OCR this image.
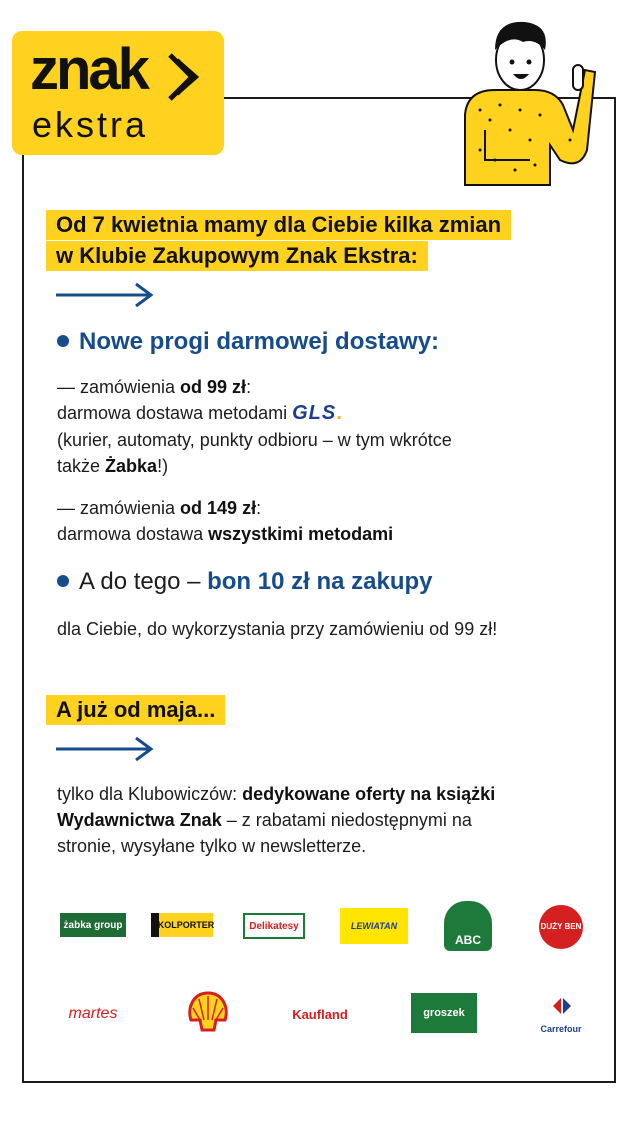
znak
ekstra
Od 7 kwietnia mamy dla Ciebie kilka zmian
w Klubie Zakupowym Znak Ekstra:
Nowe progi darmowej dostawy:
— zamówienia od 99 zł:
darmowa dostawa metodami GLS.
(kurier, automaty, punkty odbioru – w tym wkrótce
także Żabka!)
— zamówienia od 149 zł:
darmowa dostawa wszystkimi metodami
A do tego – bon 10 zł na zakupy
dla Ciebie, do wykorzystania przy zamówieniu od 99 zł!
A już od maja...
tylko dla Klubowiczów: dedykowane oferty na książki
Wydawnictwa Znak – z rabatami niedostępnymi na
stronie, wysyłane tylko w newsletterze.
żabka group	KOLPORTER	Delikatesy	LEWIATAN
ABC
DUŻY BEN
martes	Kaufland	groszek
Carrefour
